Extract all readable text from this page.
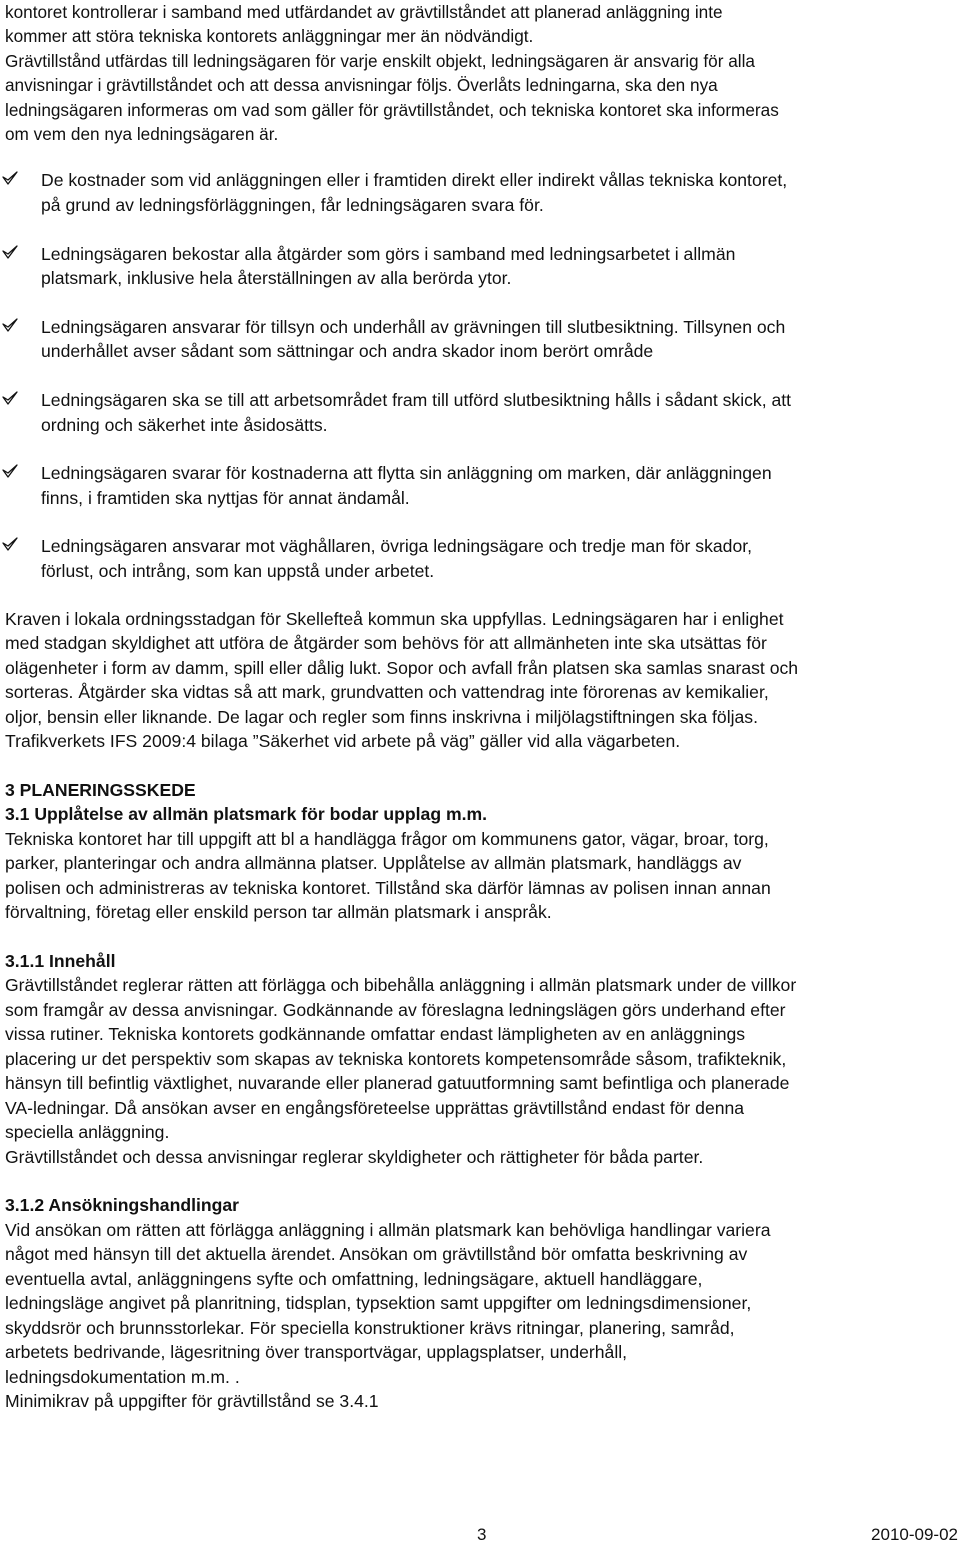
kontoret kontrollerar i samband med utfärdandet av grävtillståndet att planerad anläggning inte
kommer att störa tekniska kontorets anläggningar mer än nödvändigt.
Grävtillstånd utfärdas till ledningsägaren för varje enskilt objekt, ledningsägaren är ansvarig för alla
anvisningar i grävtillståndet och att dessa anvisningar följs. Överlåts ledningarna, ska den nya
ledningsägaren informeras om vad som gäller för grävtillståndet, och tekniska kontoret ska informeras
om vem den nya ledningsägaren är.
De kostnader som vid anläggningen eller i framtiden direkt eller indirekt vållas tekniska kontoret,
på grund av ledningsförläggningen, får ledningsägaren svara för.
Ledningsägaren bekostar alla åtgärder som görs i samband med ledningsarbetet i allmän
platsmark, inklusive hela återställningen av alla berörda ytor.
Ledningsägaren ansvarar för tillsyn och underhåll av grävningen till slutbesiktning. Tillsynen och
underhållet avser sådant som sättningar och andra skador inom berört område
Ledningsägaren ska se till att arbetsområdet fram till utförd slutbesiktning hålls i sådant skick, att
ordning och säkerhet inte åsidosätts.
Ledningsägaren svarar för kostnaderna att flytta sin anläggning om marken, där anläggningen
finns, i framtiden ska nyttjas för annat ändamål.
Ledningsägaren ansvarar mot väghållaren, övriga ledningsägare och tredje man för skador,
förlust, och intrång, som kan uppstå under arbetet.
Kraven i lokala ordningsstadgan för Skellefteå kommun ska uppfyllas. Ledningsägaren har i enlighet
med stadgan skyldighet att utföra de åtgärder som behövs för att allmänheten inte ska utsättas för
olägenheter i form av damm, spill eller dålig lukt. Sopor och avfall från platsen ska samlas snarast och
sorteras. Åtgärder ska vidtas så att mark, grundvatten och vattendrag inte förorenas av kemikalier,
oljor, bensin eller liknande. De lagar och regler som finns inskrivna i miljölagstiftningen ska följas.
Trafikverkets IFS 2009:4 bilaga ”Säkerhet vid arbete på väg” gäller vid alla vägarbeten.
3 PLANERINGSSKEDE
3.1 Upplåtelse av allmän platsmark för bodar upplag m.m.
Tekniska kontoret har till uppgift att bl a handlägga frågor om kommunens gator, vägar, broar, torg,
parker, planteringar och andra allmänna platser. Upplåtelse av allmän platsmark, handläggs av
polisen och administreras av tekniska kontoret. Tillstånd ska därför lämnas av polisen innan annan
förvaltning, företag eller enskild person tar allmän platsmark i anspråk.
3.1.1 Innehåll
Grävtillståndet reglerar rätten att förlägga och bibehålla anläggning i allmän platsmark under de villkor
som framgår av dessa anvisningar. Godkännande av föreslagna ledningslägen görs underhand efter
vissa rutiner. Tekniska kontorets godkännande omfattar endast lämpligheten av en anläggnings
placering ur det perspektiv som skapas av tekniska kontorets kompetensområde såsom, trafikteknik,
hänsyn till befintlig växtlighet, nuvarande eller planerad gatuutformning samt befintliga och planerade
VA-ledningar. Då ansökan avser en engångsföreteelse upprättas grävtillstånd endast för denna
speciella anläggning.
Grävtillståndet och dessa anvisningar reglerar skyldigheter och rättigheter för båda parter.
3.1.2 Ansökningshandlingar
Vid ansökan om rätten att förlägga anläggning i allmän platsmark kan behövliga handlingar variera
något med hänsyn till det aktuella ärendet. Ansökan om grävtillstånd bör omfatta beskrivning av
eventuella avtal, anläggningens syfte och omfattning, ledningsägare, aktuell handläggare,
ledningsläge angivet på planritning, tidsplan, typsektion samt uppgifter om ledningsdimensioner,
skyddsrör och brunnsstorlekar. För speciella konstruktioner krävs ritningar, planering, samråd,
arbetets bedrivande, lägesritning över transportvägar, upplagsplatser, underhåll,
ledningsdokumentation m.m. .
Minimikrav på uppgifter för grävtillstånd se 3.4.1
3	2010-09-02
